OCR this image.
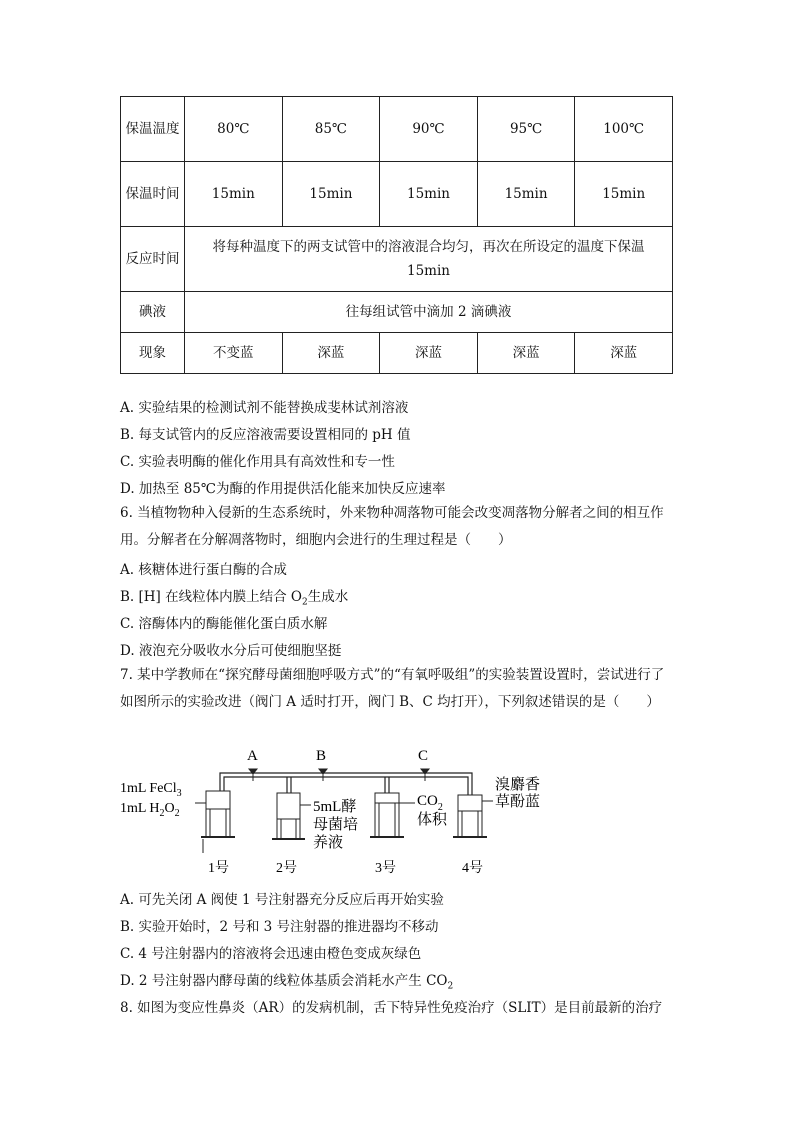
保温温度	80℃	85℃	90℃	95℃	100℃
保温时间	15min	15min	15min	15min	15min
反应时间	将每种温度下的两支试管中的溶液混合均匀，再次在所设定的温度下保温15min				
碘液	往每组试管中滴加 2 滴碘液				
现象	不变蓝	深蓝	深蓝	深蓝	深蓝
A. 实验结果的检测试剂不能替换成斐林试剂溶液
B. 每支试管内的反应溶液需要设置相同的 pH 值
C. 实验表明酶的催化作用具有高效性和专一性
D. 加热至 85℃为酶的作用提供活化能来加快反应速率
6. 当植物物种入侵新的生态系统时，外来物种凋落物可能会改变凋落物分解者之间的相互作用。分解者在分解凋落物时，细胞内会进行的生理过程是（　　）
A. 核糖体进行蛋白酶的合成
B. [H] 在线粒体内膜上结合 $O_2$生成水
C. 溶酶体内的酶能催化蛋白质水解
D. 液泡充分吸收水分后可使细胞坚挺
7. 某中学教师在“探究酵母菌细胞呼吸方式”的“有氧呼吸组”的实验装置设置时，尝试进行了如图所示的实验改进（阀门 A 适时打开，阀门 B、C 均打开），下列叙述错误的是（　　）
A	B	C
1mL FeCl$_3$
1mL $H_2O_2$	5mL酵
母菌培
养液
$CO_2$
体积
溴麝香
草酚蓝
1号	2号	3号	4号
A. 可先关闭 A 阀使 1 号注射器充分反应后再开始实验
B. 实验开始时，2 号和 3 号注射器的推进器均不移动
C. 4 号注射器内的溶液将会迅速由橙色变成灰绿色
D. 2 号注射器内酵母菌的线粒体基质会消耗水产生 $CO_2$
8. 如图为变应性鼻炎（AR）的发病机制，舌下特异性免疫治疗（SLIT）是目前最新的治疗
